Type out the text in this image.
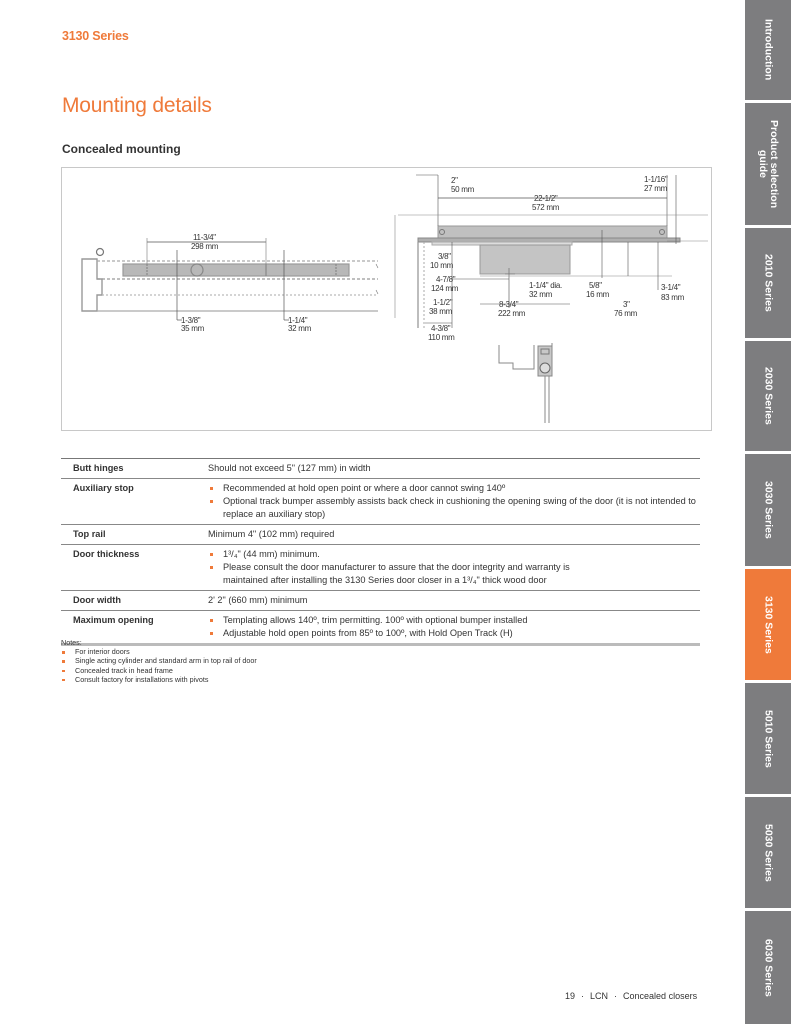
3130 Series
Mounting details
Concealed mounting
11-3/4"
298 mm
1-3/8"
35 mm
1-1/4"
32 mm
2"
50 mm
22-1/2"
572 mm
1-1/16"
27 mm
3/8"
10 mm
4-7/8"
124 mm	1-1/4" dia.
32 mm
5/8"
16 mm
3"
76 mm
3-1/4"
83 mm
1-1/2"
38 mm
8-3/4"
222 mm
4-3/8"
110 mm
Butt hinges	Should not exceed 5" (127 mm) in width
Auxiliary stop	Recommended at hold open point or where a door cannot swing 140º
Optional track bumper assembly assists back check in cushioning the opening swing of the door (it is not intended to replace an auxiliary stop)
Top rail	Minimum 4" (102 mm) required
Door thickness	1³/₄" (44 mm) minimum.
Please consult the door manufacturer to assure that the door integrity and warranty is maintained after installing the 3130 Series door closer in a 1³/₄" thick wood door
Door width	2' 2" (660 mm) minimum
Maximum opening	Templating allows 140º, trim permitting. 100º with optional bumper installed
Adjustable hold open points from 85º to 100º, with Hold Open Track (H)
Notes:
For interior doors
Single acting cylinder and standard arm in top rail of door
Concealed track in head frame
Consult factory for installations with pivots
19 · LCN · Concealed closers
Introduction
Product selection guide
2010 Series
2030 Series
3030 Series
3130 Series
5010 Series
5030 Series
6030 Series
